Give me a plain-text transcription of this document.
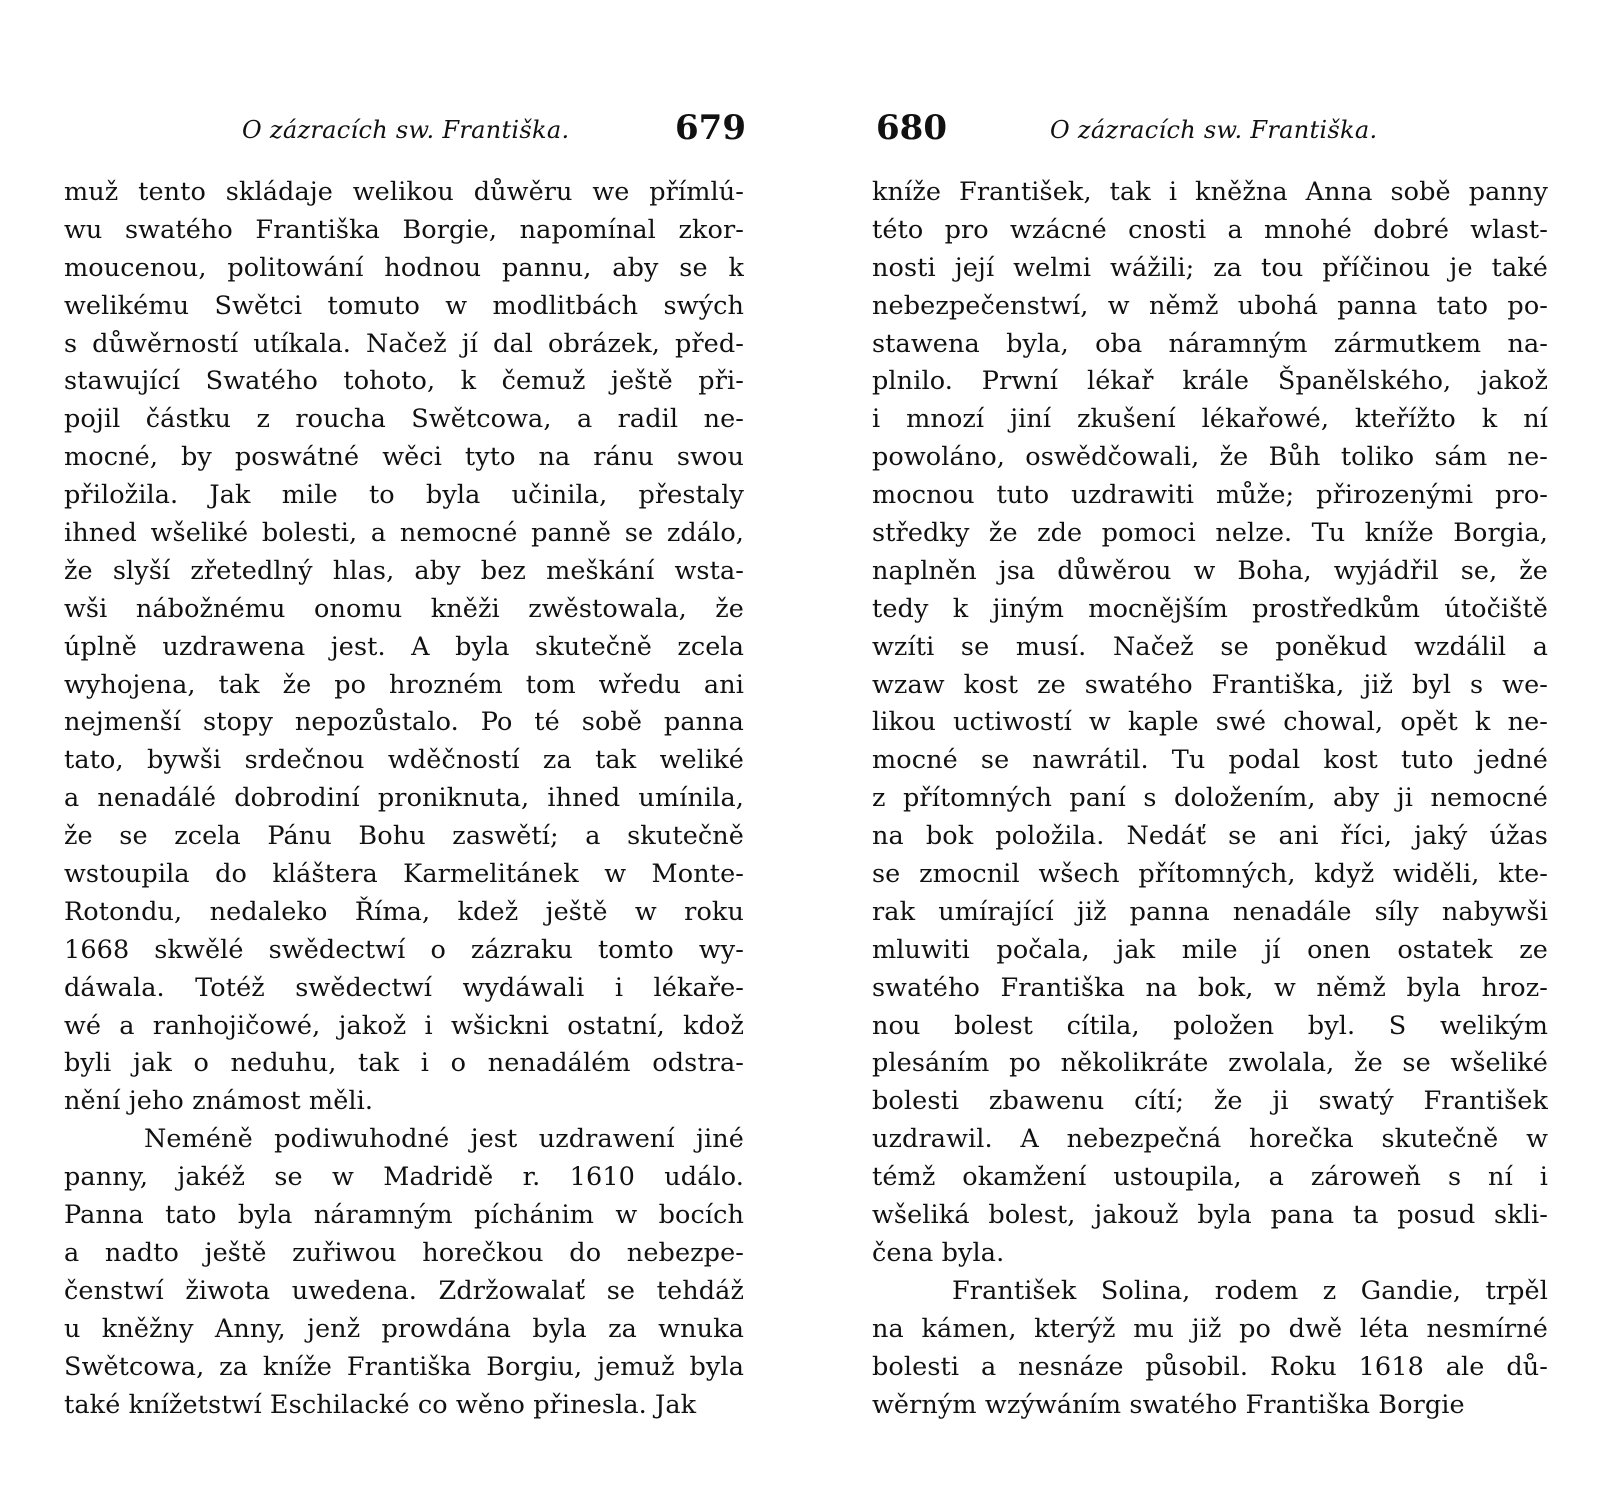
O zázracích sw. Františka.	679
muž tento skládaje welikou důwěru we přímlú-
wu swatého Františka Borgie, napomínal zkor-
moucenou, politowání hodnou pannu, aby se k
welikému Swětci tomuto w modlitbách swých
s důwěrností utíkala. Načež jí dal obrázek, před-
stawující Swatého tohoto, k čemuž ještě při-
pojil částku z roucha Swětcowa, a radil ne-
mocné, by poswátné wěci tyto na ránu swou
přiložila. Jak mile to byla učinila, přestaly
ihned wšeliké bolesti, a nemocné panně se zdálo,
že slyší zřetedlný hlas, aby bez meškání wsta-
wši nábožnému onomu kněži zwěstowala, že
úplně uzdrawena jest. A byla skutečně zcela
wyhojena, tak že po hrozném tom wředu ani
nejmenší stopy nepozůstalo. Po té sobě panna
tato, bywši srdečnou wděčností za tak weliké
a nenadálé dobrodiní proniknuta, ihned umínila,
že se zcela Pánu Bohu zaswětí; a skutečně
wstoupila do kláštera Karmelitánek w Monte-
Rotondu, nedaleko Říma, kdež ještě w roku
1668 skwělé swědectwí o zázraku tomto wy-
dáwala. Totéž swědectwí wydáwali i lékaře-
wé a ranhojičowé, jakož i wšickni ostatní, kdož
byli jak o neduhu, tak i o nenadálém odstra-
nění jeho známost měli.
Neméně podiwuhodné jest uzdrawení jiné
panny, jakéž se w Madridě r. 1610 událo.
Panna tato byla náramným píchánim w bocích
a nadto ještě zuřiwou horečkou do nebezpe-
čenstwí žiwota uwedena. Zdržowalať se tehdáž
u kněžny Anny, jenž prowdána byla za wnuka
Swětcowa, za kníže Františka Borgiu, jemuž byla
také knížetstwí Eschilacké co wěno přinesla. Jak
680	O zázracích sw. Františka.
kníže František, tak i kněžna Anna sobě panny
této pro wzácné cnosti a mnohé dobré wlast-
nosti její welmi wážili; za tou příčinou je také
nebezpečenstwí, w němž ubohá panna tato po-
stawena byla, oba náramným zármutkem na-
plnilo. Prwní lékař krále Španělského, jakož
i mnozí jiní zkušení lékařowé, kteřížto k ní
powoláno, oswědčowali, že Bůh toliko sám ne-
mocnou tuto uzdrawiti může; přirozenými pro-
středky že zde pomoci nelze. Tu kníže Borgia,
naplněn jsa důwěrou w Boha, wyjádřil se, že
tedy k jiným mocnějším prostředkům útočiště
wzíti se musí. Načež se poněkud wzdálil a
wzaw kost ze swatého Františka, již byl s we-
likou uctiwostí w kaple swé chowal, opět k ne-
mocné se nawrátil. Tu podal kost tuto jedné
z přítomných paní s doložením, aby ji nemocné
na bok položila. Nedáť se ani říci, jaký úžas
se zmocnil wšech přítomných, když widěli, kte-
rak umírající již panna nenadále síly nabywši
mluwiti počala, jak mile jí onen ostatek ze
swatého Františka na bok, w němž byla hroz-
nou bolest cítila, položen byl. S welikým
plesáním po několikráte zwolala, že se wšeliké
bolesti zbawenu cítí; že ji swatý František
uzdrawil. A nebezpečná horečka skutečně w
témž okamžení ustoupila, a zároweň s ní i
wšeliká bolest, jakouž byla pana ta posud skli-
čena byla.
František Solina, rodem z Gandie, trpěl
na kámen, kterýž mu již po dwě léta nesmírné
bolesti a nesnáze působil. Roku 1618 ale dů-
wěrným wzýwáním swatého Františka Borgie
